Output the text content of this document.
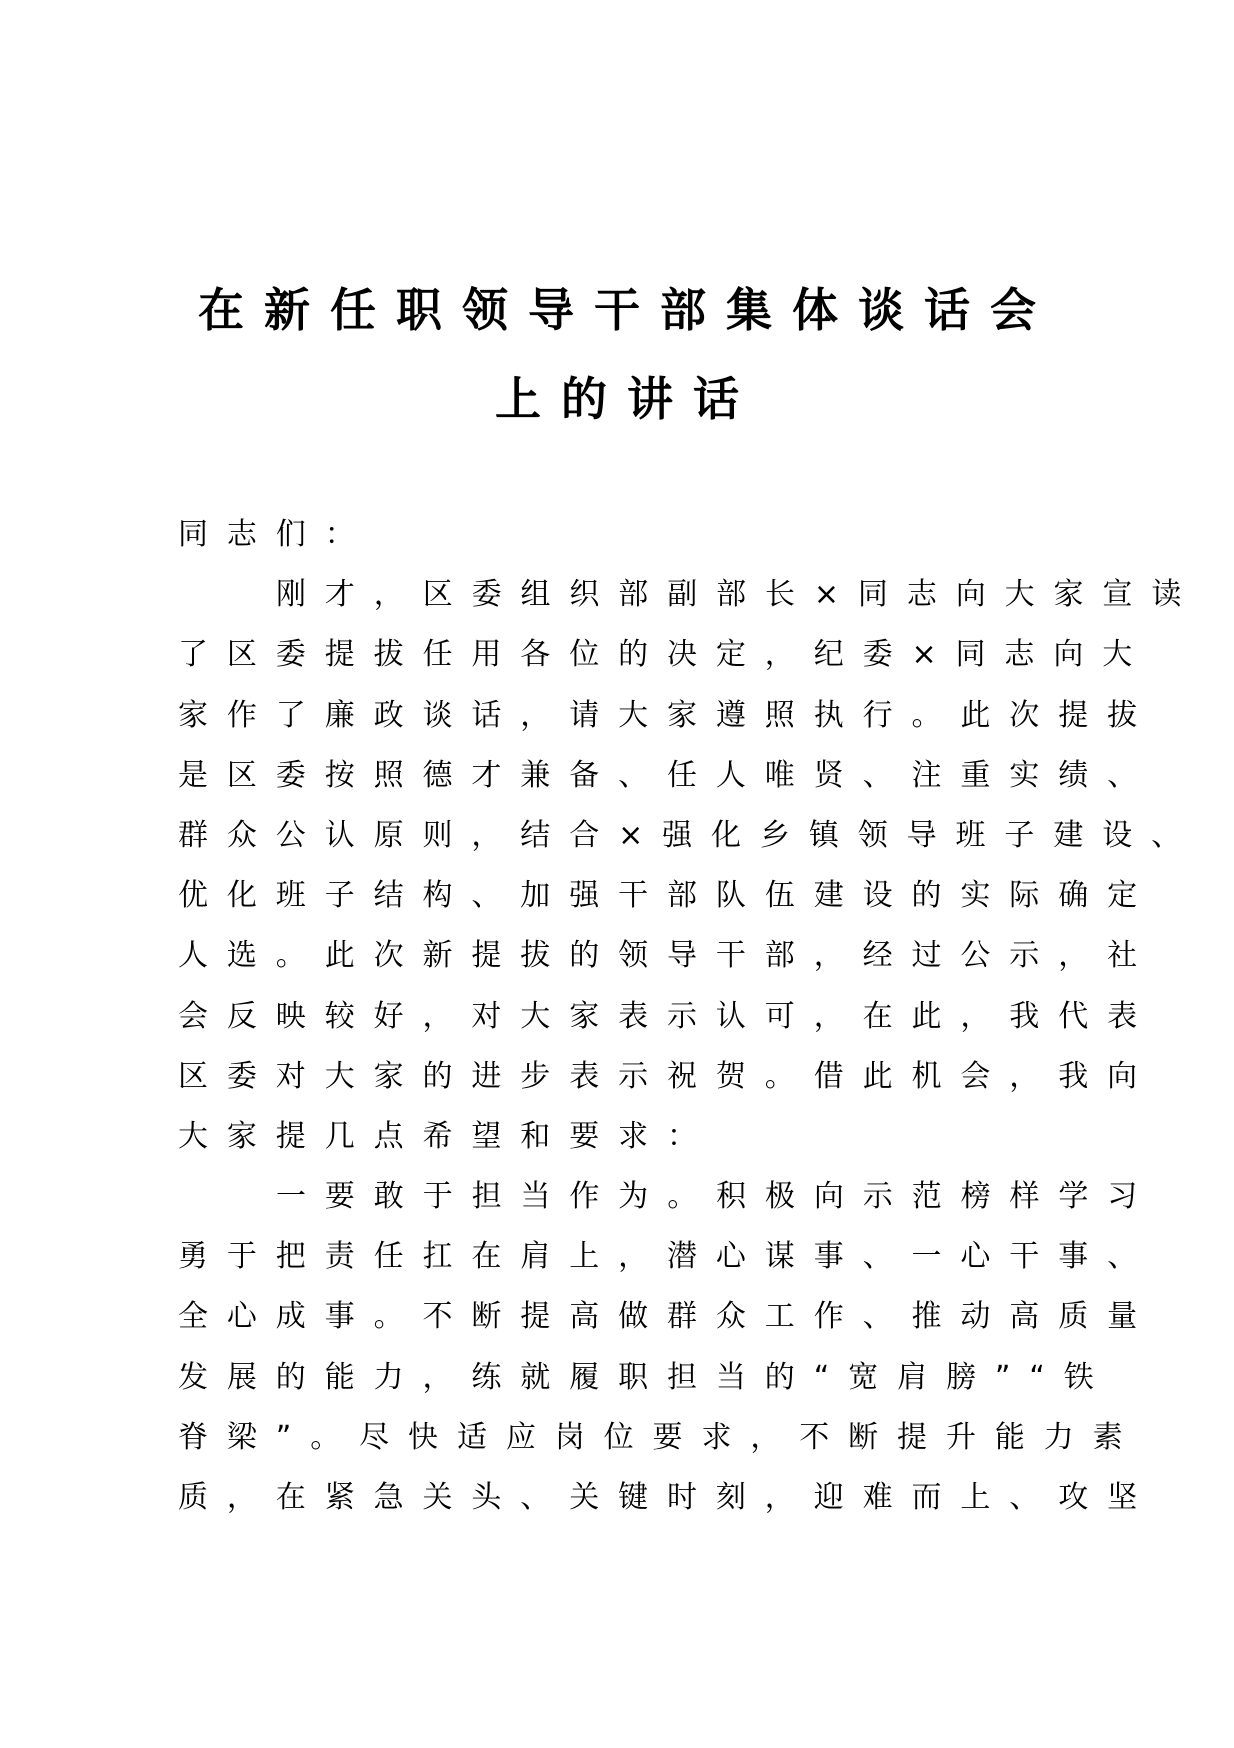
在新任职领导干部集体谈话会
上的讲话
同志们：
刚才，区委组织部副部长×同志向大家宣读
了区委提拔任用各位的决定，纪委×同志向大
家作了廉政谈话，请大家遵照执行。此次提拔
是区委按照德才兼备、任人唯贤、注重实绩、
群众公认原则，结合×强化乡镇领导班子建设、
优化班子结构、加强干部队伍建设的实际确定
人选。此次新提拔的领导干部，经过公示，社
会反映较好，对大家表示认可，在此，我代表
区委对大家的进步表示祝贺。借此机会，我向
大家提几点希望和要求：
一要敢于担当作为。积极向示范榜样学习
勇于把责任扛在肩上，潜心谋事、一心干事、
全心成事。不断提高做群众工作、推动高质量
发展的能力，练就履职担当的“宽肩膀”“铁
脊梁”。尽快适应岗位要求，不断提升能力素
质，在紧急关头、关键时刻，迎难而上、攻坚
